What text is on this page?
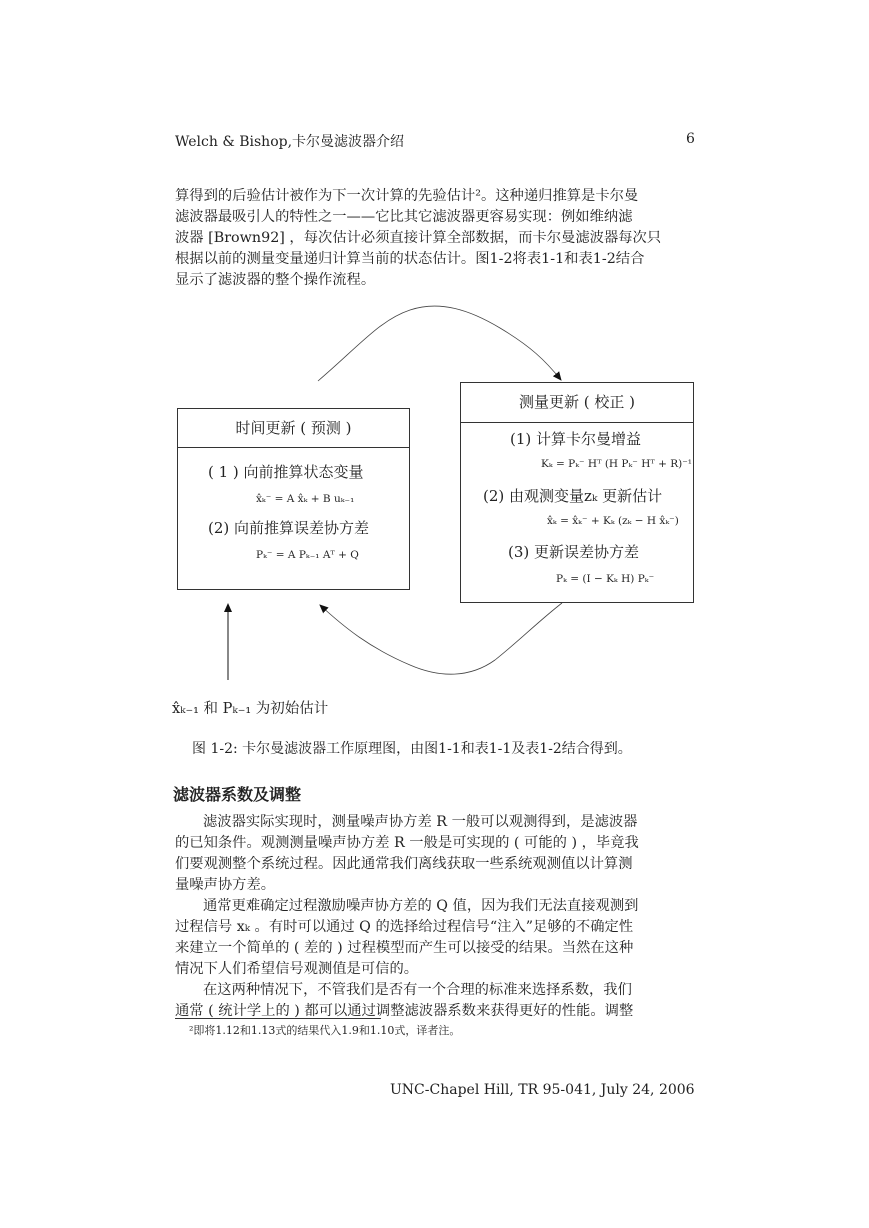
Welch & Bishop,卡尔曼滤波器介绍	6

算得到的后验估计被作为下一次计算的先验估计²。这种递归推算是卡尔曼

滤波器最吸引人的特性之一——它比其它滤波器更容易实现：例如维纳滤

波器 [Brown92] ，每次估计必须直接计算全部数据，而卡尔曼滤波器每次只

根据以前的测量变量递归计算当前的状态估计。图1-2将表1-1和表1-2结合

显示了滤波器的整个操作流程。

时间更新 ( 预测 )
( 1 ) 向前推算状态变量
x̂ₖ⁻ = A x̂ₖ + B uₖ₋₁
(2) 向前推算误差协方差
Pₖ⁻ = A Pₖ₋₁ Aᵀ + Q
测量更新 ( 校正 )
(1) 计算卡尔曼增益
Kₖ = Pₖ⁻ Hᵀ (H Pₖ⁻ Hᵀ + R)⁻¹
(2) 由观测变量zₖ 更新估计
x̂ₖ = x̂ₖ⁻ + Kₖ (zₖ − H x̂ₖ⁻)
(3) 更新误差协方差
Pₖ = (I − Kₖ H) Pₖ⁻
x̂ₖ₋₁ 和 Pₖ₋₁ 为初始估计
图 1-2: 卡尔曼滤波器工作原理图，由图1-1和表1-1及表1-2结合得到。
滤波器系数及调整

滤波器实际实现时，测量噪声协方差 R 一般可以观测得到，是滤波器

的已知条件。观测测量噪声协方差 R 一般是可实现的 ( 可能的 ) ，毕竟我

们要观测整个系统过程。因此通常我们离线获取一些系统观测值以计算测

量噪声协方差。

通常更难确定过程激励噪声协方差的 Q 值，因为我们无法直接观测到

过程信号 xₖ 。有时可以通过 Q 的选择给过程信号“注入”足够的不确定性

来建立一个简单的 ( 差的 ) 过程模型而产生可以接受的结果。当然在这种

情况下人们希望信号观测值是可信的。

在这两种情况下，不管我们是否有一个合理的标准来选择系数，我们

通常 ( 统计学上的 ) 都可以通过调整滤波器系数来获得更好的性能。调整

²即将1.12和1.13式的结果代入1.9和1.10式，译者注。
UNC-Chapel Hill, TR 95-041, July 24, 2006
